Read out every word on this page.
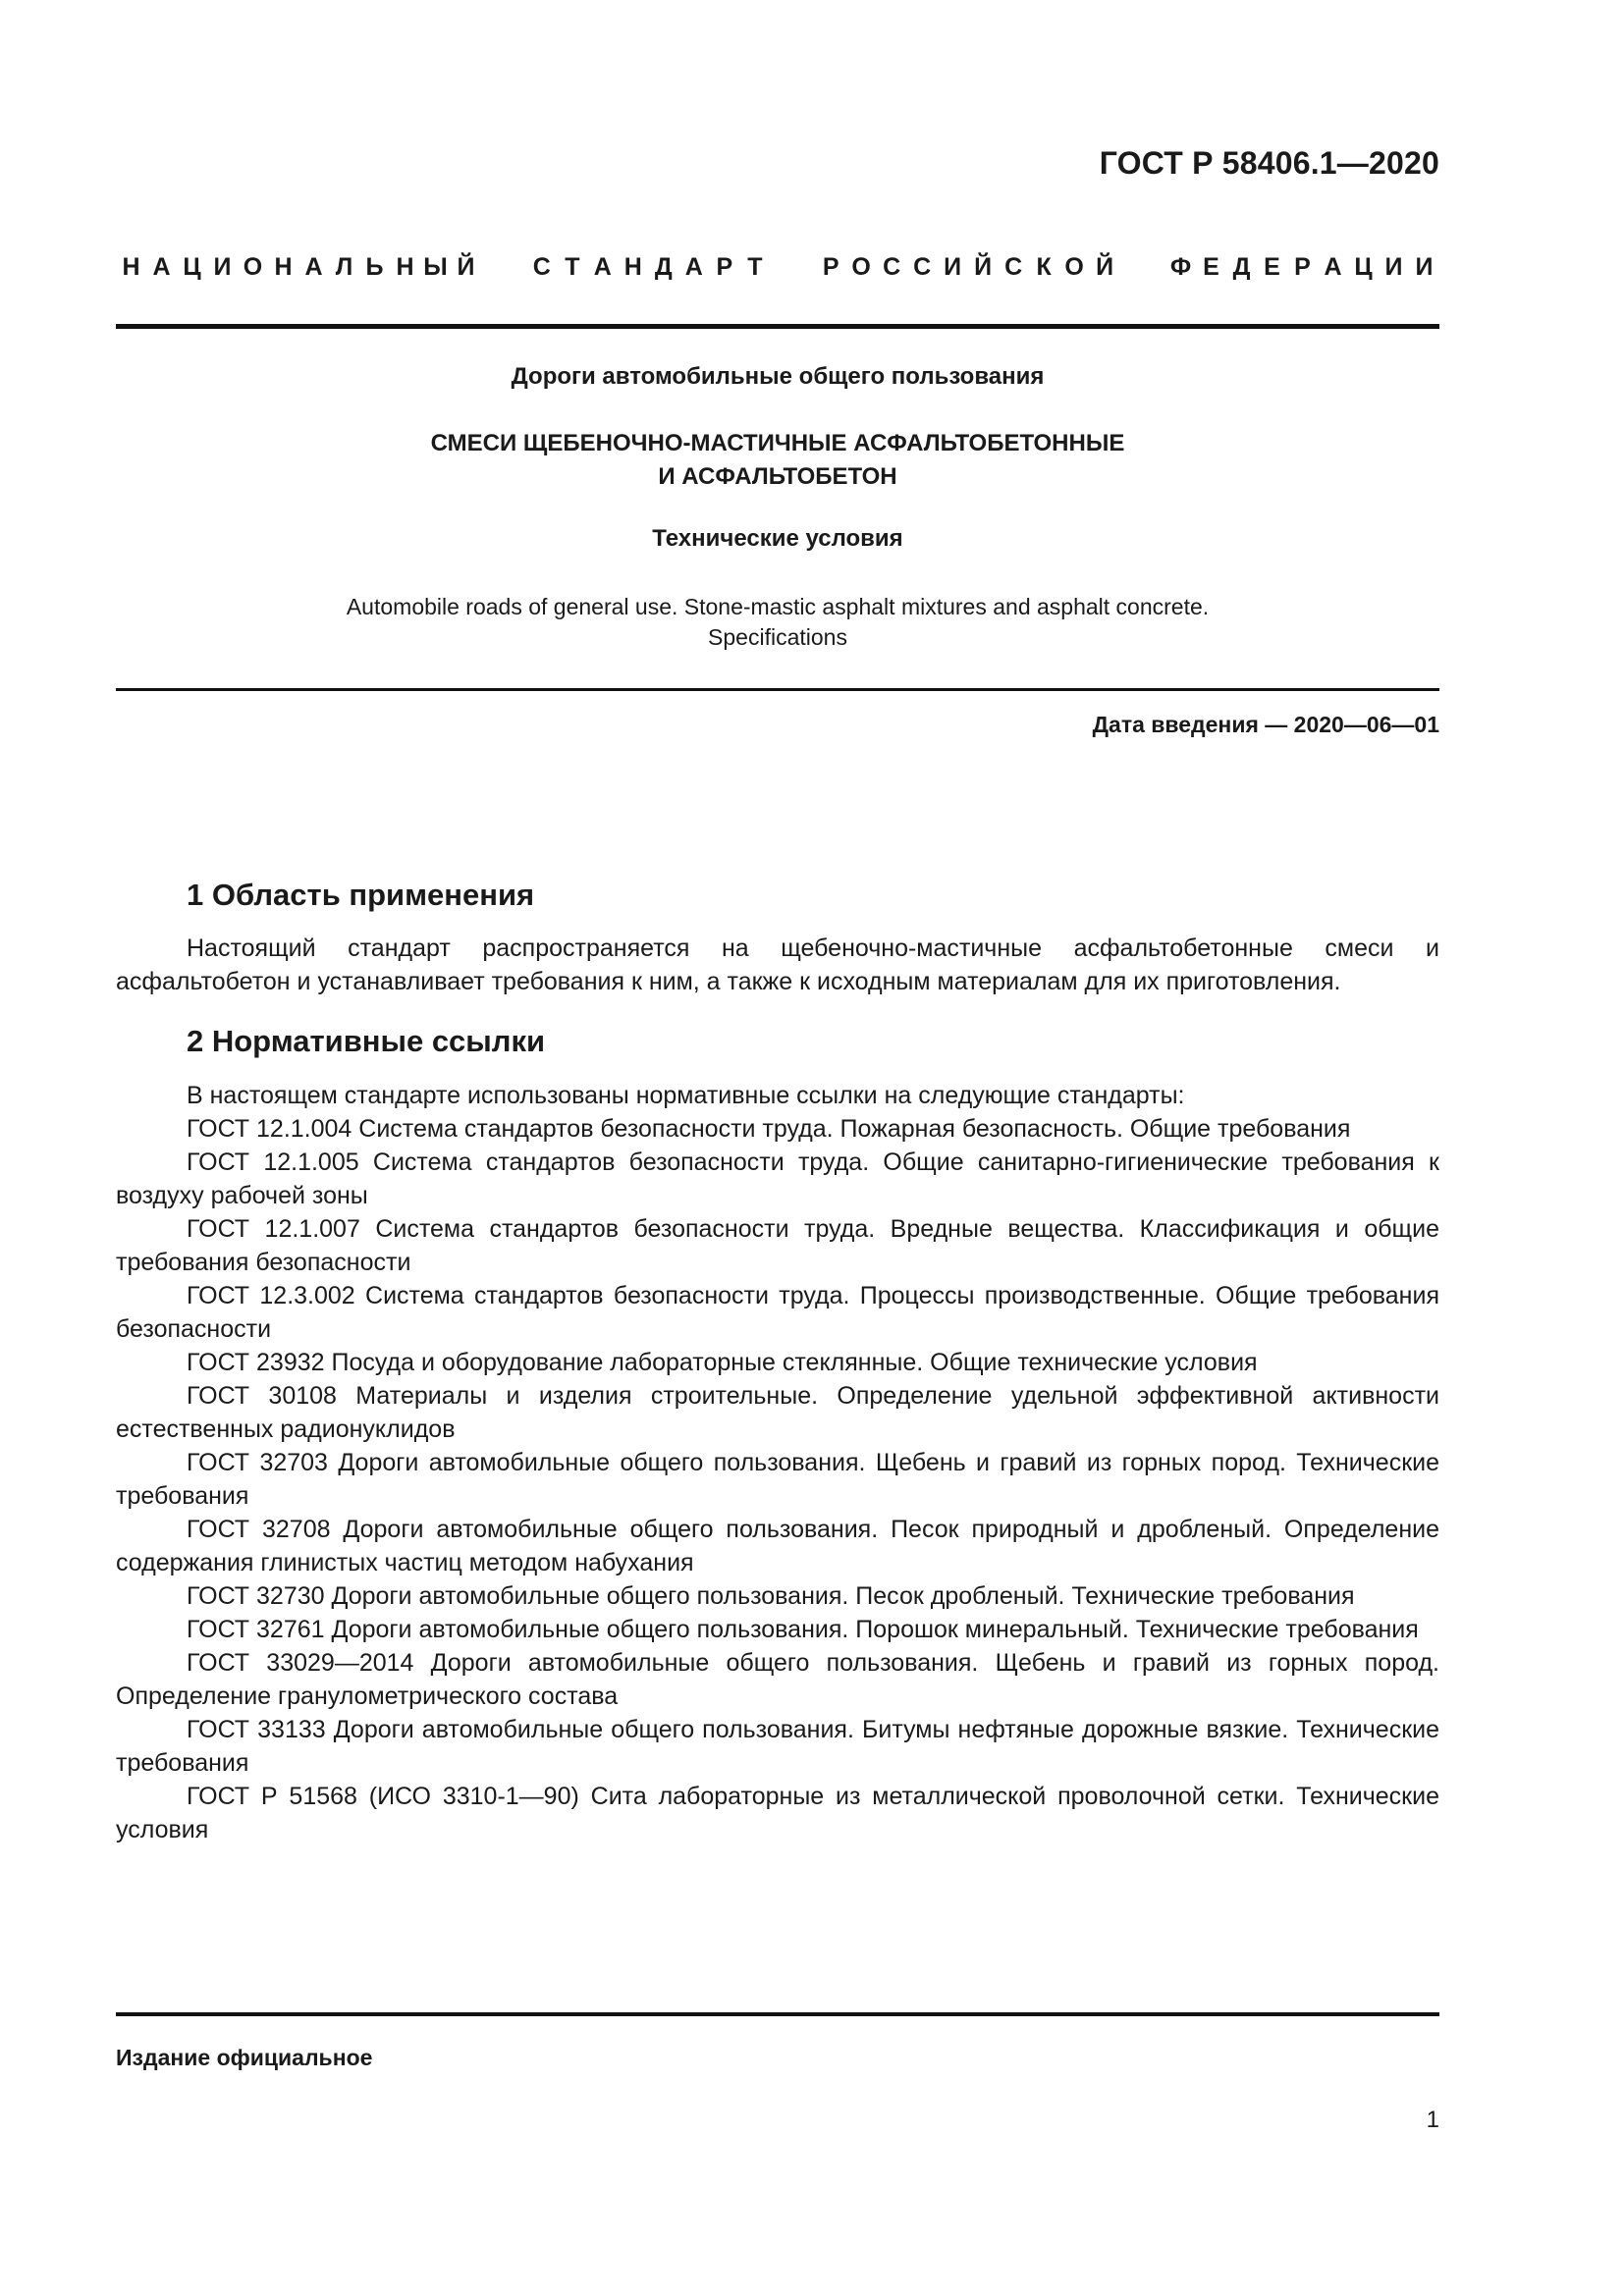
ГОСТ Р 58406.1—2020
Н А Ц И О Н А Л Ь Н Ы Й С Т А Н Д А Р Т	Р О С С И Й С К О Й Ф Е Д Е Р А Ц И И
Дороги автомобильные общего пользования
СМЕСИ ЩЕБЕНОЧНО-МАСТИЧНЫЕ АСФАЛЬТОБЕТОННЫЕ
И АСФАЛЬТОБЕТОН
Технические условия
Automobile roads of general use. Stone-mastic asphalt mixtures and asphalt concrete.
Specifications
Дата введения — 2020—06—01
1 Область применения

Настоящий стандарт распространяется на щебеночно-мастичные асфальтобетонные смеси и асфальтобетон и устанавливает требования к ним, а также к исходным материалам для их приготовления.

2 Нормативные ссылки

В настоящем стандарте использованы нормативные ссылки на следующие стандарты:

ГОСТ 12.1.004 Система стандартов безопасности труда. Пожарная безопасность. Общие требования

ГОСТ 12.1.005 Система стандартов безопасности труда. Общие санитарно-гигиенические требования к воздуху рабочей зоны

ГОСТ 12.1.007 Система стандартов безопасности труда. Вредные вещества. Классификация и общие требования безопасности

ГОСТ 12.3.002 Система стандартов безопасности труда. Процессы производственные. Общие требования безопасности

ГОСТ 23932 Посуда и оборудование лабораторные стеклянные. Общие технические условия

ГОСТ 30108 Материалы и изделия строительные. Определение удельной эффективной активности естественных радионуклидов

ГОСТ 32703 Дороги автомобильные общего пользования. Щебень и гравий из горных пород. Технические требования

ГОСТ 32708 Дороги автомобильные общего пользования. Песок природный и дробленый. Определение содержания глинистых частиц методом набухания

ГОСТ 32730 Дороги автомобильные общего пользования. Песок дробленый. Технические требования

ГОСТ 32761 Дороги автомобильные общего пользования. Порошок минеральный. Технические требования

ГОСТ 33029—2014 Дороги автомобильные общего пользования. Щебень и гравий из горных пород. Определение гранулометрического состава

ГОСТ 33133 Дороги автомобильные общего пользования. Битумы нефтяные дорожные вязкие. Технические требования

ГОСТ Р 51568 (ИСО 3310-1—90) Сита лабораторные из металлической проволочной сетки. Технические условия

Издание официальное
1
